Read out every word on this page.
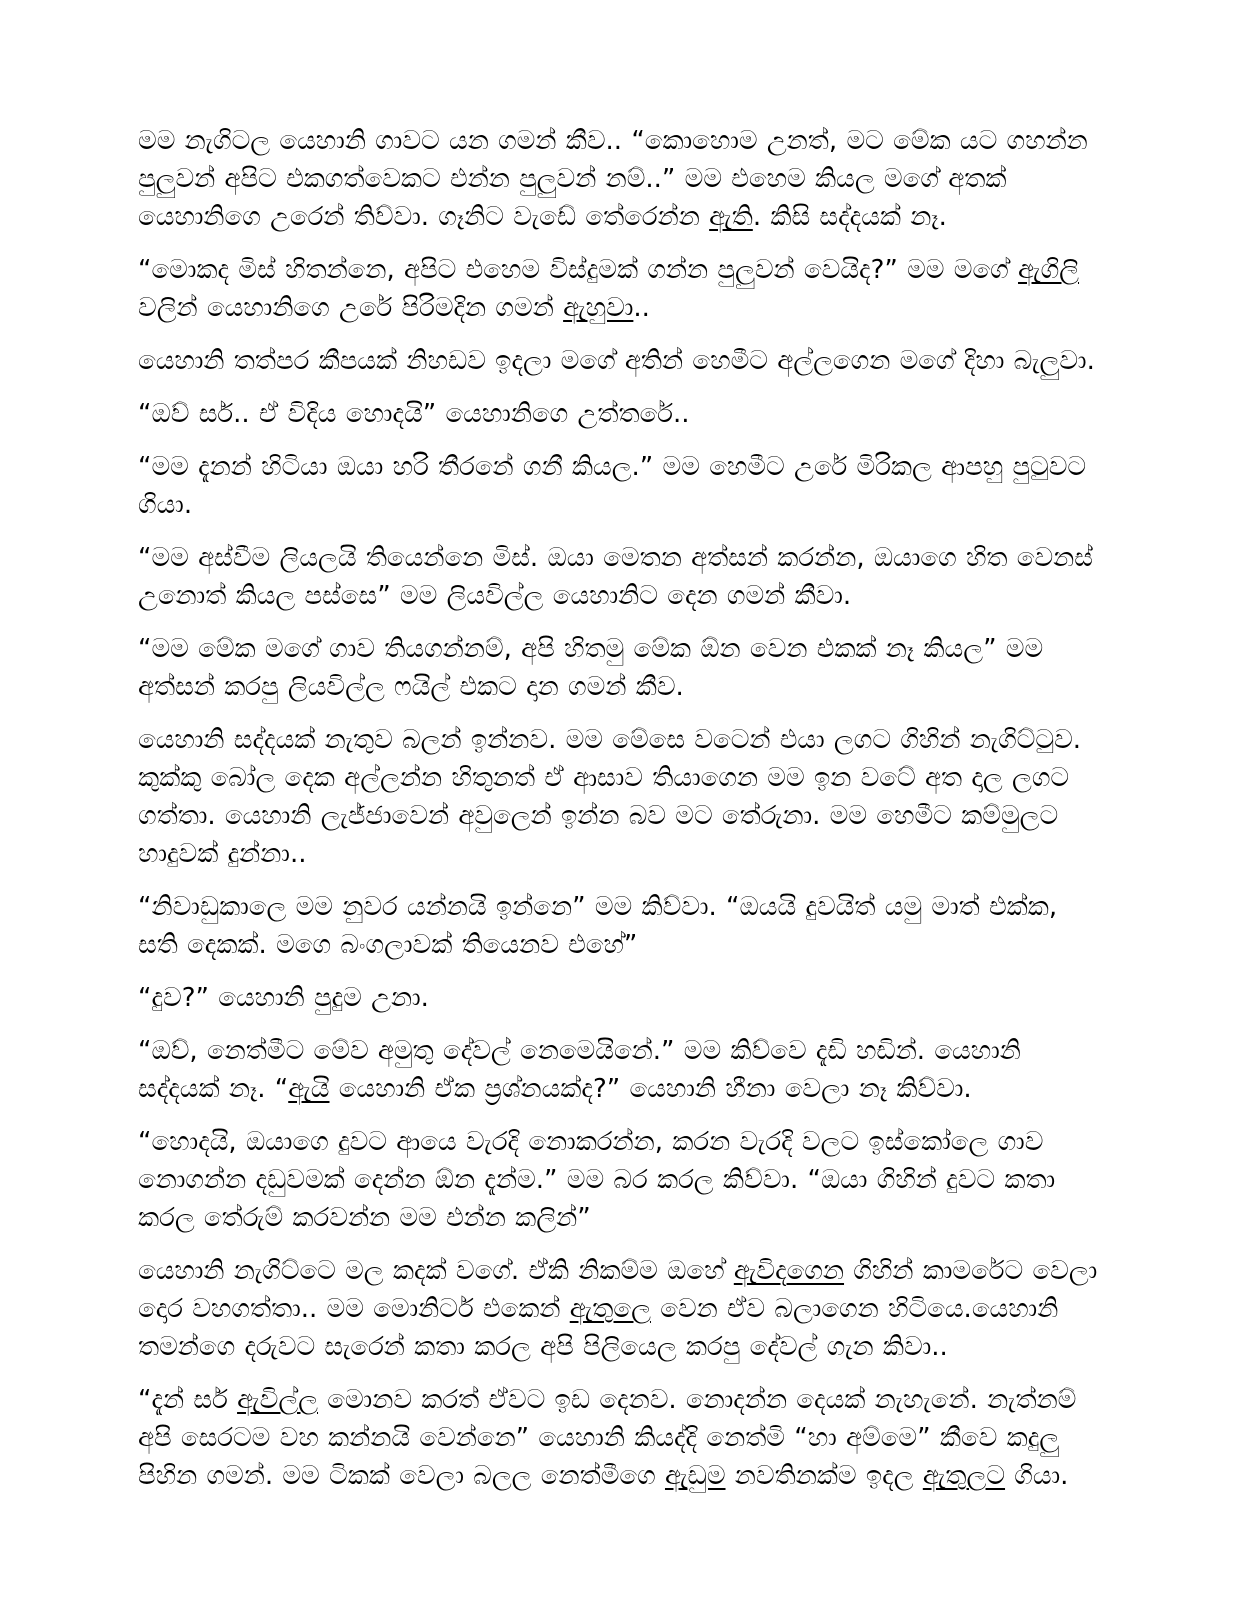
මම නැගිටල යෙහානි ගාවට යන ගමන් කීව.. “කොහොම උනත්, මට මේක යට ගහන්න පුලුවන් අපිට එකගත්වෙකට එන්න පුලුවන් නම්..” මම එහෙම කියල මගේ අතක් යෙහානිගෙ උරෙන් තිව්වා. ගෑනිට වැඩේ තේරෙන්න ඇති. කිසි සද්දයක් නෑ.

“මොකද මිස් හිතන්නෙ, අපිට එහෙම විස්දුමක් ගන්න පුලුවන් වෙයිද?” මම මගේ ඇගිලි වලින් යෙහානිගෙ උරේ පිරිමදින ගමන් ඇහුවා..

යෙහානි තත්පර කීපයක් නිහඩව ඉදලා මගේ අතින් හෙමීට අල්ලගෙන මගේ දිහා බැලුවා.

“ඔව් සර්.. ඒ විදිය හොදයි” යෙහානිගෙ උත්තරේ..

“මම දැනන් හිටියා ඔයා හරි තීරනේ ගනී කියල.” මම හෙමීට උරේ මිරිකල ආපහු පුටුවට ගියා.

“මම අස්වීම ලියලයි තියෙන්නෙ මිස්. ඔයා මෙතන අත්සන් කරන්න, ඔයාගෙ හිත වෙනස් උනොත් කියල පස්සෙ” මම ලියවිල්ල යෙහානිට දෙන ගමන් කීවා.

“මම මේක මගේ ගාව තියගන්නම්, අපි හිතමු මේක ඕන වෙන එකක් නෑ කියල” මම අත්සන් කරපු ලියවිල්ල ෆයිල් එකට දාන ගමන් කීව.

යෙහානි සද්දයක් නැතුව බලන් ඉන්නව. මම මේසෙ වටෙන් එයා ලගට ගිහින් නැගිට්ටුව. කුක්කු බෝල දෙක අල්ලන්න හිතුනත් ඒ ආසාව තියාගෙන මම ඉන වටේ අත දාල ලගට ගත්තා. යෙහානි ලැජ්ජාවෙන් අවුලෙන් ඉන්න බව මට තේරුනා. මම හෙමීට කම්මුලට හාදුවක් දුන්නා..

“නිවාඩුකාලෙ මම නුවර යන්නයි ඉන්නෙ” මම කිව්වා. “ඔයයි දුවයිත් යමු මාත් එක්ක, සති දෙකක්. මගෙ බංගලාවක් තියෙනව එහේ”

“දුව?” යෙහානි පුදුම උනා.

“ඔව්, නෙත්මීට මේව අමුතු දේවල් නෙමෙයිනේ.” මම කිව්වෙ දැඩි හඩින්. යෙහානි සද්දයක් නෑ. “ඇයි යෙහානි ඒක ප්‍රශ්නයක්ද?” යෙහානි හීනා වෙලා නෑ කිව්වා.

“හොදයි, ඔයාගෙ දුවට ආයෙ වැරදි නොකරන්න, කරන වැරදි වලට ඉස්කෝලෙ ගාව නොගන්න දඩුවමක් දෙන්න ඕන දැන්ම.” මම බර කරල කිව්වා. “ඔයා ගිහින් දුවට කතා කරල තේරුම් කරවන්න මම එන්න කලින්”

යෙහානි නැගිට්ටෙ මල කදක් වගේ. ඒකි නිකම්ම ඔහේ ඇවිදගෙන ගිහින් කාමරේට වෙලා දොර වහගත්තා.. මම මොනිටර් එකෙන් ඇතුලෙ වෙන ඒව බලාගෙන හිටියෙ.යෙහානි තමන්ගෙ දරුවට සැරෙන් කතා කරල අපි පිලියෙල කරපු දේවල් ගැන කිවා..

“දැන් සර් ඇවිල්ල මොනව කරත් ඒවට ඉඩ දෙනව. නොදන්න දෙයක් නැහැනේ. නැත්නම් අපි සෙරටම වහ කන්නයි වෙන්නෙ” යෙහානි කියද්දි නෙත්මි “හා අම්මෙ” කීවෙ කදුලු පිහින ගමන්. මම ටිකක් වෙලා බලල නෙත්මීගෙ ඇඩුම නවතිනක්ම ඉදල ඇතුලට ගියා.
